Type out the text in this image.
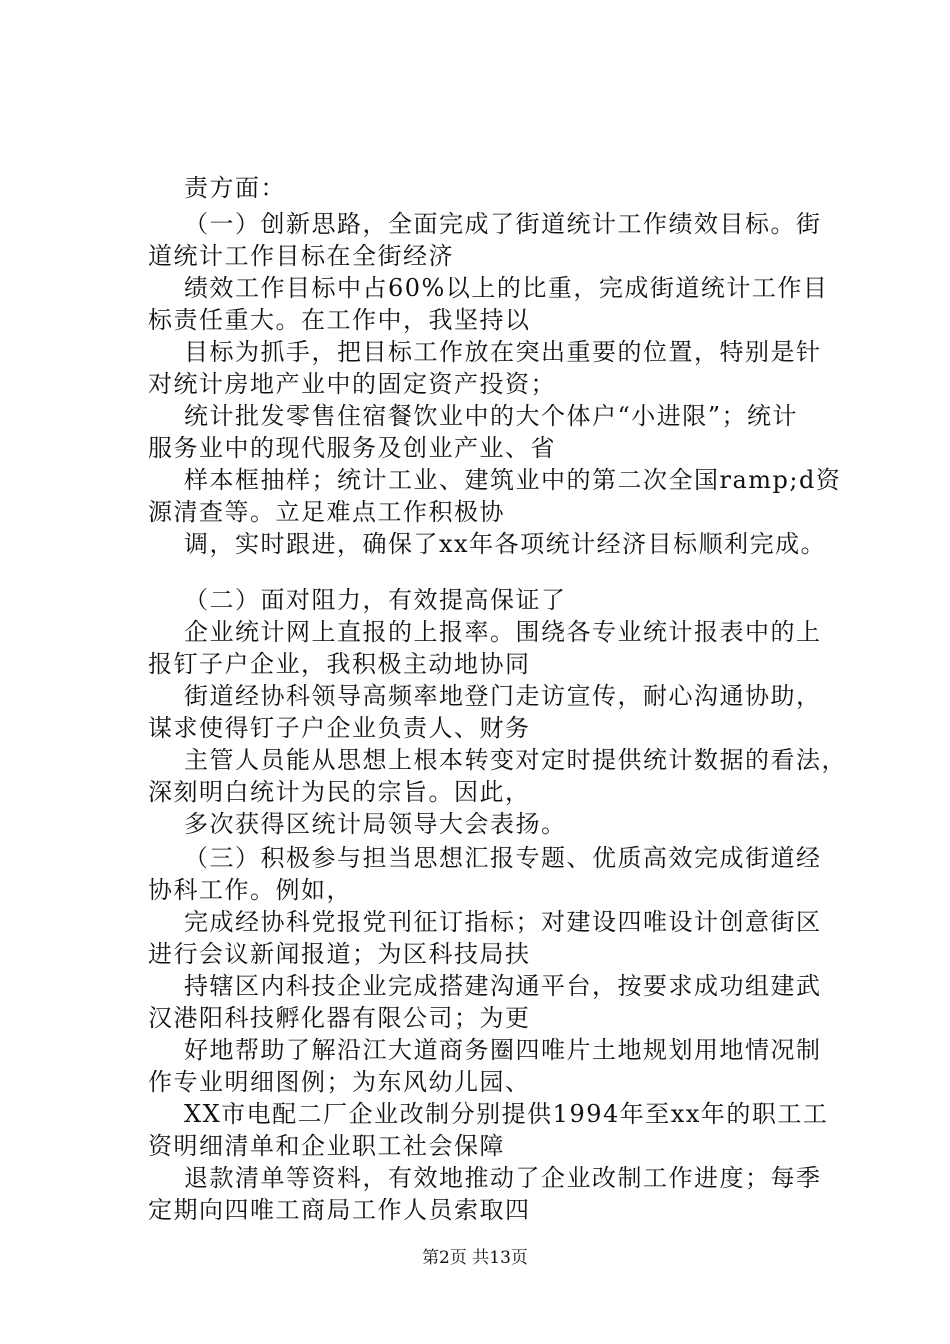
责方面：
（一）创新思路，全面完成了街道统计工作绩效目标。街
道统计工作目标在全街经济
绩效工作目标中占60%以上的比重，完成街道统计工作目
标责任重大。在工作中，我坚持以
目标为抓手，把目标工作放在突出重要的位置，特别是针
对统计房地产业中的固定资产投资；
统计批发零售住宿餐饮业中的大个体户“小进限”；统计
服务业中的现代服务及创业产业、省
样本框抽样；统计工业、建筑业中的第二次全国ramp;d资
源清查等。立足难点工作积极协
调，实时跟进，确保了xx年各项统计经济目标顺利完成。
（二）面对阻力，有效提高保证了
企业统计网上直报的上报率。围绕各专业统计报表中的上
报钉子户企业，我积极主动地协同
街道经协科领导高频率地登门走访宣传，耐心沟通协助，
谋求使得钉子户企业负责人、财务
主管人员能从思想上根本转变对定时提供统计数据的看法，
深刻明白统计为民的宗旨。因此，
多次获得区统计局领导大会表扬。
（三）积极参与担当思想汇报专题、优质高效完成街道经
协科工作。例如，
完成经协科党报党刊征订指标；对建设四唯设计创意街区
进行会议新闻报道；为区科技局扶
持辖区内科技企业完成搭建沟通平台，按要求成功组建武
汉港阳科技孵化器有限公司；为更
好地帮助了解沿江大道商务圈四唯片土地规划用地情况制
作专业明细图例；为东风幼儿园、
XX市电配二厂企业改制分别提供1994年至xx年的职工工
资明细清单和企业职工社会保障
退款清单等资料，有效地推动了企业改制工作进度；每季
定期向四唯工商局工作人员索取四
第2页 共13页
